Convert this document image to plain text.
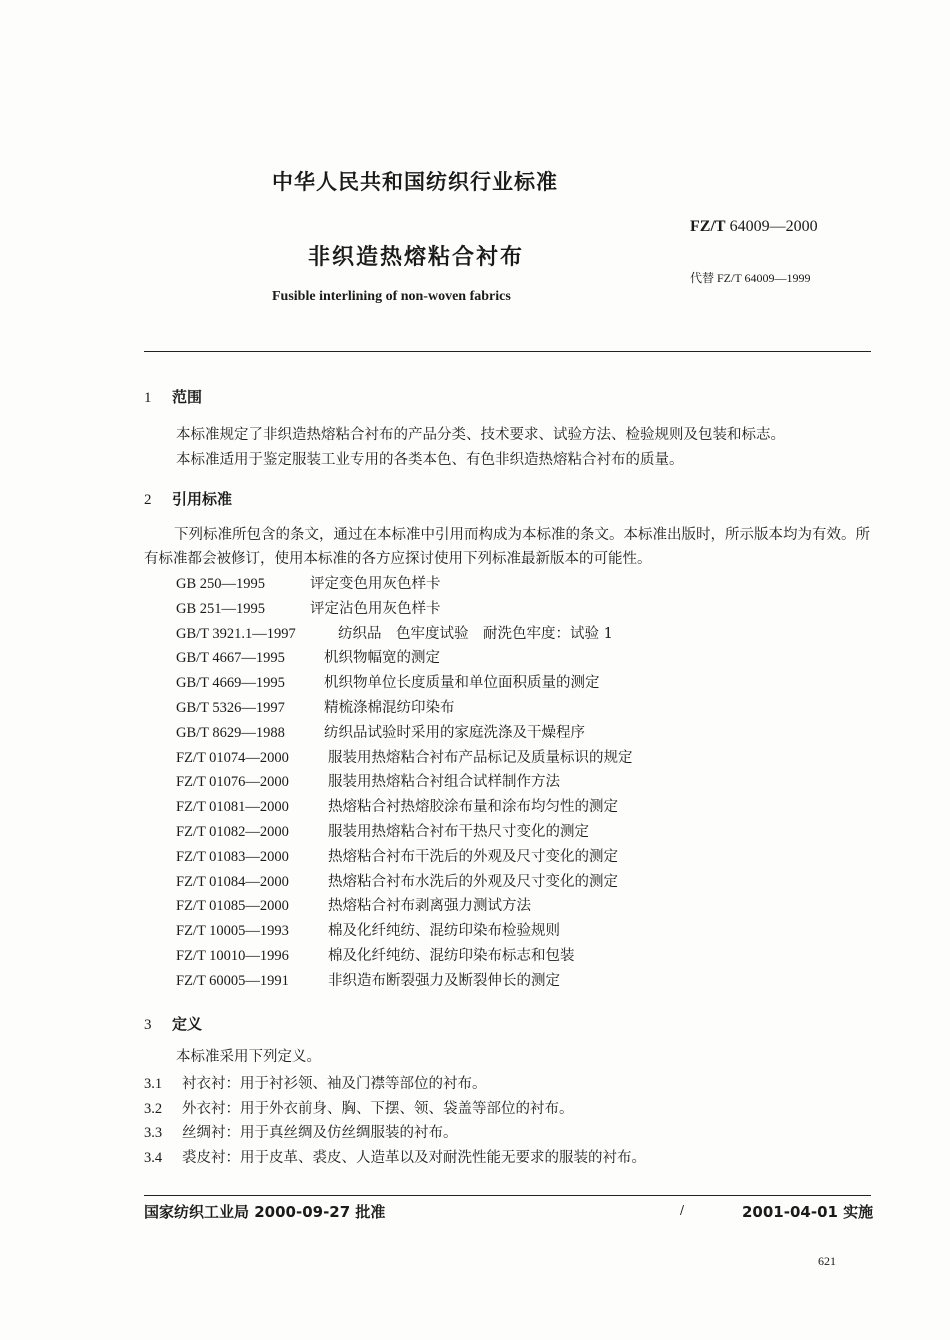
中华人民共和国纺织行业标准
FZ/T 64009—2000
非织造热熔粘合衬布
代替 FZ/T 64009—1999
Fusible interlining of non-woven fabrics
1 范围
本标准规定了非织造热熔粘合衬布的产品分类、技术要求、试验方法、检验规则及包装和标志。
本标准适用于鉴定服装工业专用的各类本色、有色非织造热熔粘合衬布的质量。
2 引用标准
下列标准所包含的条文，通过在本标准中引用而构成为本标准的条文。本标准出版时，所示版本均为有效。所有标准都会被修订，使用本标准的各方应探讨使用下列标准最新版本的可能性。
GB 250—1995	评定变色用灰色样卡
GB 251—1995	评定沾色用灰色样卡
GB/T 3921.1—1997	纺织品　色牢度试验　耐洗色牢度：试验 1
GB/T 4667—1995	机织物幅宽的测定
GB/T 4669—1995	机织物单位长度质量和单位面积质量的测定
GB/T 5326—1997	精梳涤棉混纺印染布
GB/T 8629—1988	纺织品试验时采用的家庭洗涤及干燥程序
FZ/T 01074—2000	服装用热熔粘合衬布产品标记及质量标识的规定
FZ/T 01076—2000	服装用热熔粘合衬组合试样制作方法
FZ/T 01081—2000	热熔粘合衬热熔胶涂布量和涂布均匀性的测定
FZ/T 01082—2000	服装用热熔粘合衬布干热尺寸变化的测定
FZ/T 01083—2000	热熔粘合衬布干洗后的外观及尺寸变化的测定
FZ/T 01084—2000	热熔粘合衬布水洗后的外观及尺寸变化的测定
FZ/T 01085—2000	热熔粘合衬布剥离强力测试方法
FZ/T 10005—1993	棉及化纤纯纺、混纺印染布检验规则
FZ/T 10010—1996	棉及化纤纯纺、混纺印染布标志和包装
FZ/T 60005—1991	非织造布断裂强力及断裂伸长的测定
3 定义
本标准采用下列定义。
3.1 衬衣衬：用于衬衫领、袖及门襟等部位的衬布。
3.2 外衣衬：用于外衣前身、胸、下摆、领、袋盖等部位的衬布。
3.3 丝绸衬：用于真丝绸及仿丝绸服装的衬布。
3.4 裘皮衬：用于皮革、裘皮、人造革以及对耐洗性能无要求的服装的衬布。
国家纺织工业局 2000-09-27 批准	/	2001-04-01 实施
621
